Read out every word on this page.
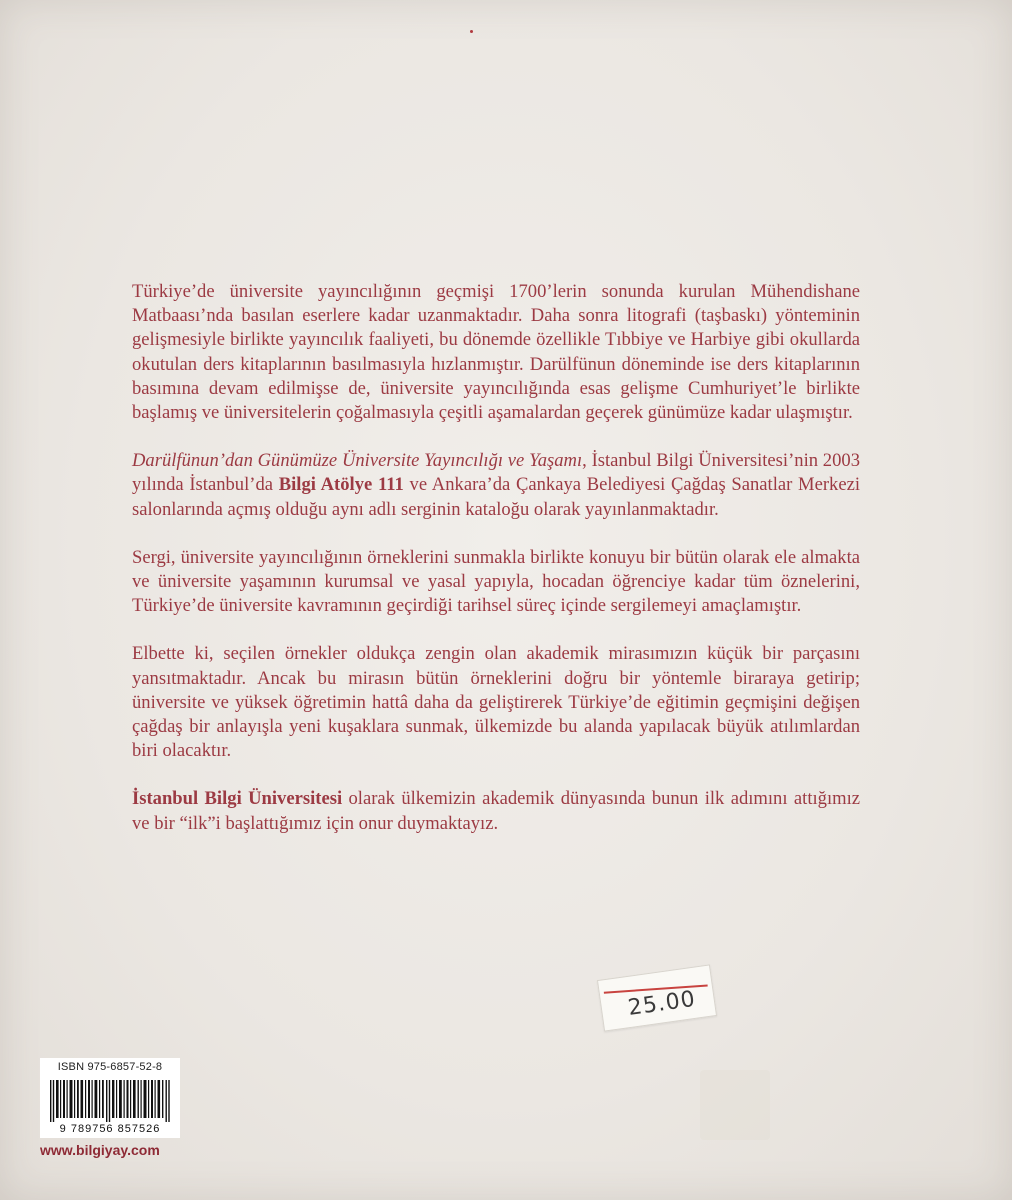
Türkiye’de üniversite yayıncılığının geçmişi 1700’lerin sonunda kurulan Mühendishane Matbaası’nda basılan eserlere kadar uzanmaktadır. Daha sonra litografi (taşbaskı) yönteminin gelişmesiyle birlikte yayıncılık faaliyeti, bu dönemde özellikle Tıbbiye ve Harbiye gibi okullarda okutulan ders kitaplarının basılmasıyla hızlanmıştır. Darülfünun döneminde ise ders kitaplarının basımına devam edilmişse de, üniversite yayıncılığında esas gelişme Cumhuriyet’le birlikte başlamış ve üniversitelerin çoğalmasıyla çeşitli aşamalardan geçerek günümüze kadar ulaşmıştır.

Darülfünun’dan Günümüze Üniversite Yayıncılığı ve Yaşamı, İstanbul Bilgi Üniversitesi’nin 2003 yılında İstanbul’da Bilgi Atölye 111 ve Ankara’da Çankaya Belediyesi Çağdaş Sanatlar Merkezi salonlarında açmış olduğu aynı adlı serginin kataloğu olarak yayınlanmaktadır.

Sergi, üniversite yayıncılığının örneklerini sunmakla birlikte konuyu bir bütün olarak ele almakta ve üniversite yaşamının kurumsal ve yasal yapıyla, hocadan öğrenciye kadar tüm öznelerini, Türkiye’de üniversite kavramının geçirdiği tarihsel süreç içinde sergilemeyi amaçlamıştır.

Elbette ki, seçilen örnekler oldukça zengin olan akademik mirasımızın küçük bir parçasını yansıtmaktadır. Ancak bu mirasın bütün örneklerini doğru bir yöntemle biraraya getirip; üniversite ve yüksek öğretimin hattâ daha da geliştirerek Türkiye’de eğitimin geçmişini değişen çağdaş bir anlayışla yeni kuşaklara sunmak, ülkemizde bu alanda yapılacak büyük atılımlardan biri olacaktır.

İstanbul Bilgi Üniversitesi olarak ülkemizin akademik dünyasında bunun ilk adımını attığımız ve bir “ilk”i başlattığımız için onur duymaktayız.

ISBN 975-6857-52-8
9 789756 857526
www.bilgiyay.com
25.00
